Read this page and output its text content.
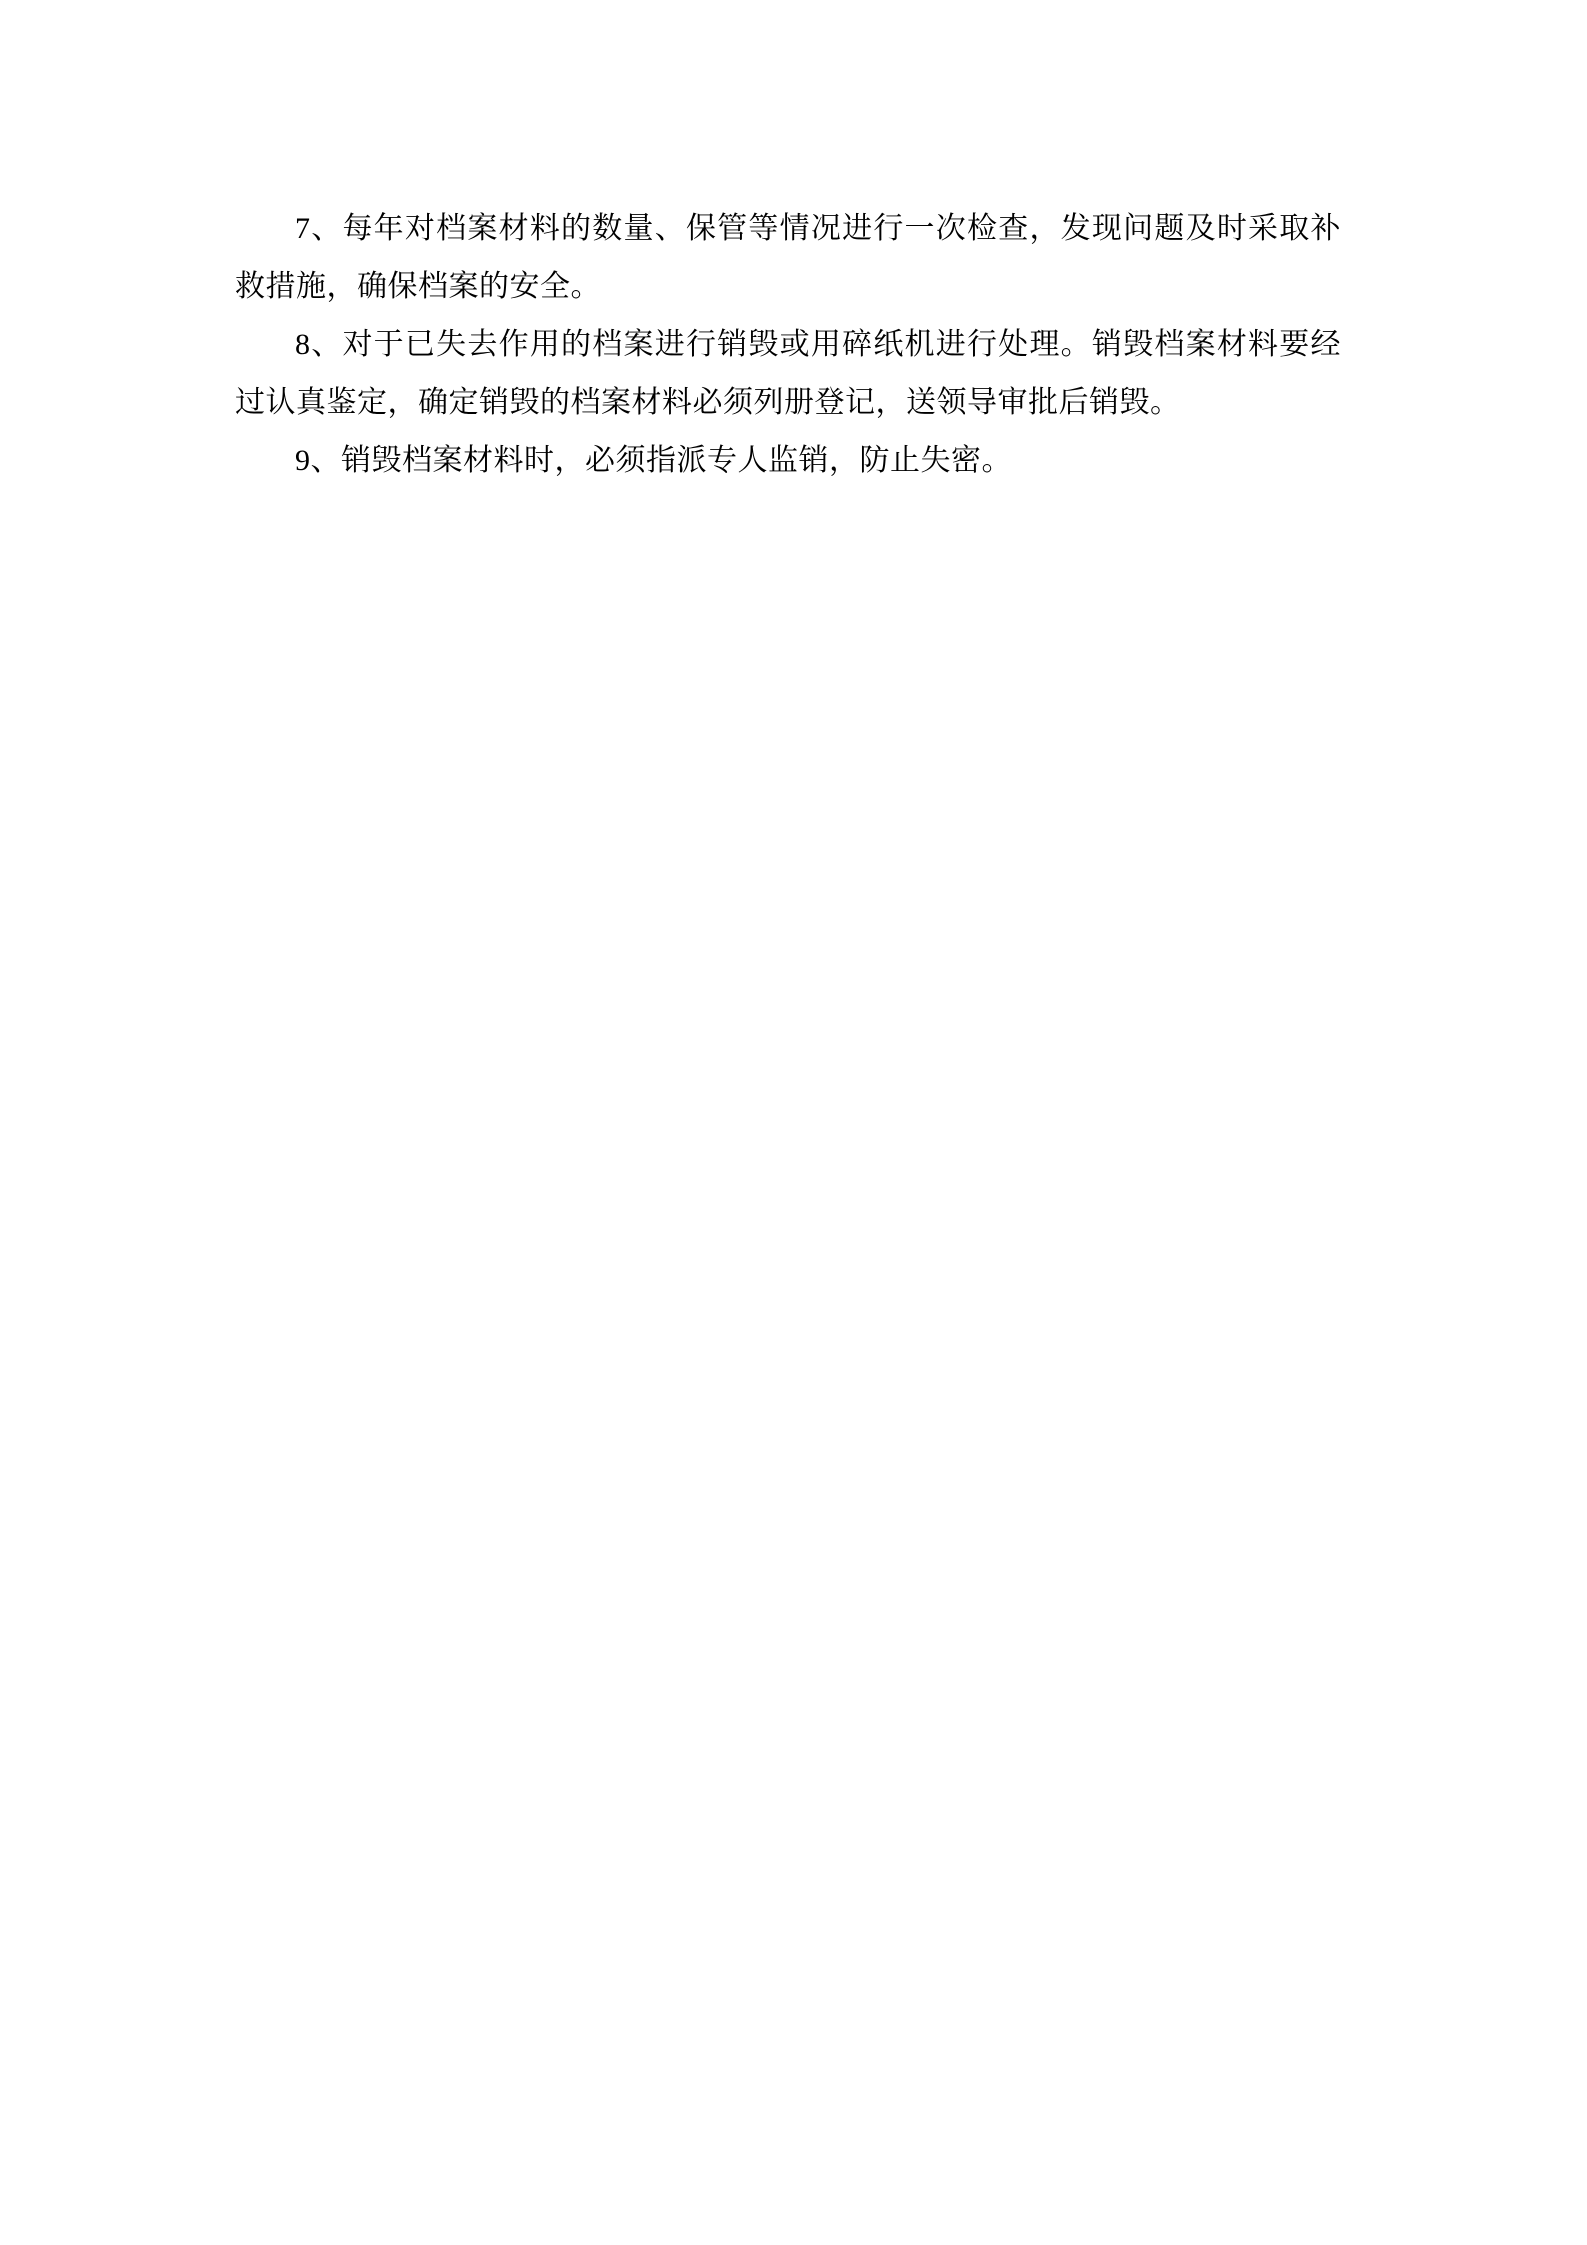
7、每年对档案材料的数量、保管等情况进行一次检查，发现问题及时采取补救措施，确保档案的安全。

8、对于已失去作用的档案进行销毁或用碎纸机进行处理。销毁档案材料要经过认真鉴定，确定销毁的档案材料必须列册登记，送领导审批后销毁。

9、销毁档案材料时，必须指派专人监销，防止失密。
